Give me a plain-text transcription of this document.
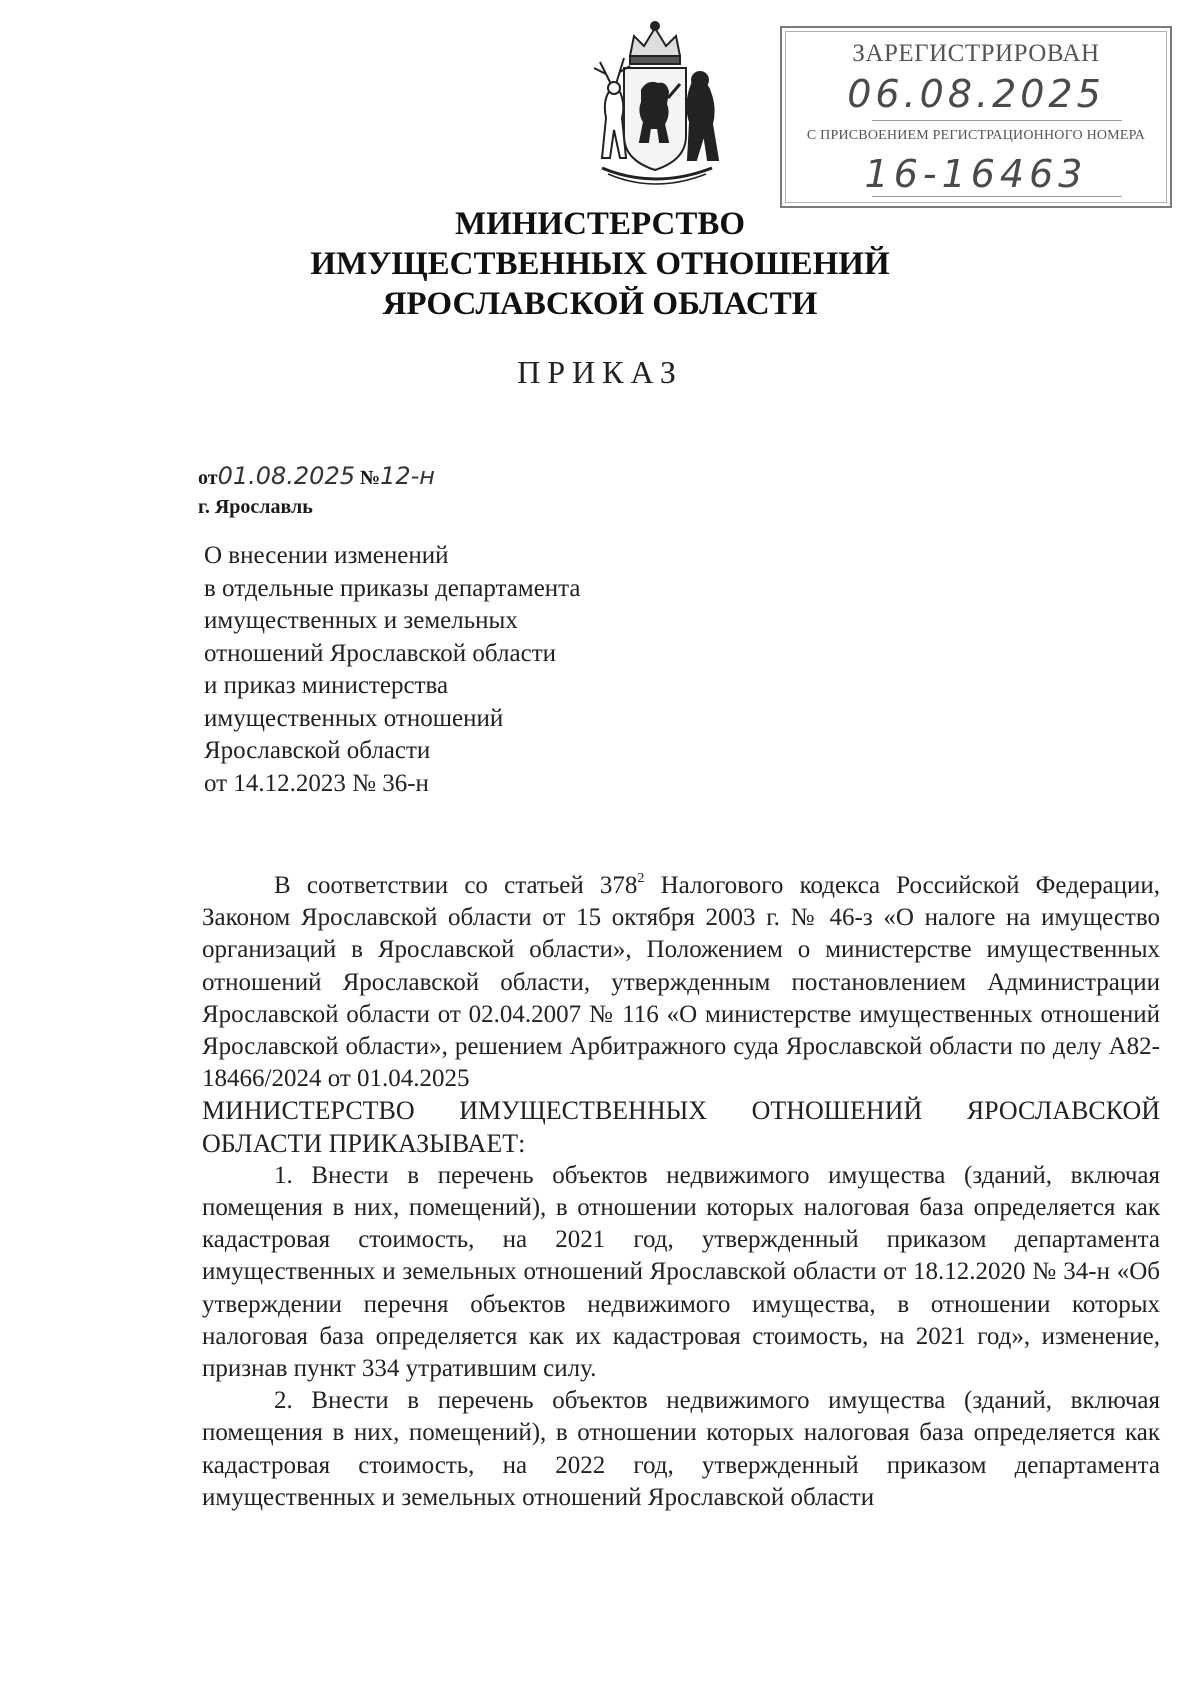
ЗАРЕГИСТРИРОВАН
06.08.2025
С ПРИСВОЕНИЕМ РЕГИСТРАЦИОННОГО НОМЕРА
16-16463
МИНИСТЕРСТВО
ИМУЩЕСТВЕННЫХ ОТНОШЕНИЙ
ЯРОСЛАВСКОЙ ОБЛАСТИ
ПРИКАЗ
от01.08.2025 №12-н
г. Ярославль
О внесении изменений
в отдельные приказы департамента
имущественных и земельных
отношений Ярославской области
и приказ министерства
имущественных отношений
Ярославской области
от 14.12.2023 № 36-н

В соответствии со статьей $378^2$ Налогового кодекса Российской Федерации, Законом Ярославской области от 15 октября 2003 г. № 46-з «О налоге на имущество организаций в Ярославской области», Положением о министерстве имущественных отношений Ярославской области, утвержденным постановлением Администрации Ярославской области от 02.04.2007 № 116 «О министерстве имущественных отношений Ярославской области», решением Арбитражного суда Ярославской области по делу А82-18466/2024 от 01.04.2025

МИНИСТЕРСТВО ИМУЩЕСТВЕННЫХ ОТНОШЕНИЙ ЯРОСЛАВСКОЙ ОБЛАСТИ ПРИКАЗЫВАЕТ:

1. Внести в перечень объектов недвижимого имущества (зданий, включая помещения в них, помещений), в отношении которых налоговая база определяется как кадастровая стоимость, на 2021 год, утвержденный приказом департамента имущественных и земельных отношений Ярославской области от 18.12.2020 № 34-н «Об утверждении перечня объектов недвижимого имущества, в отношении которых налоговая база определяется как их кадастровая стоимость, на 2021 год», изменение, признав пункт 334 утратившим силу.

2. Внести в перечень объектов недвижимого имущества (зданий, включая помещения в них, помещений), в отношении которых налоговая база определяется как кадастровая стоимость, на 2022 год, утвержденный приказом департамента имущественных и земельных отношений Ярославской области
